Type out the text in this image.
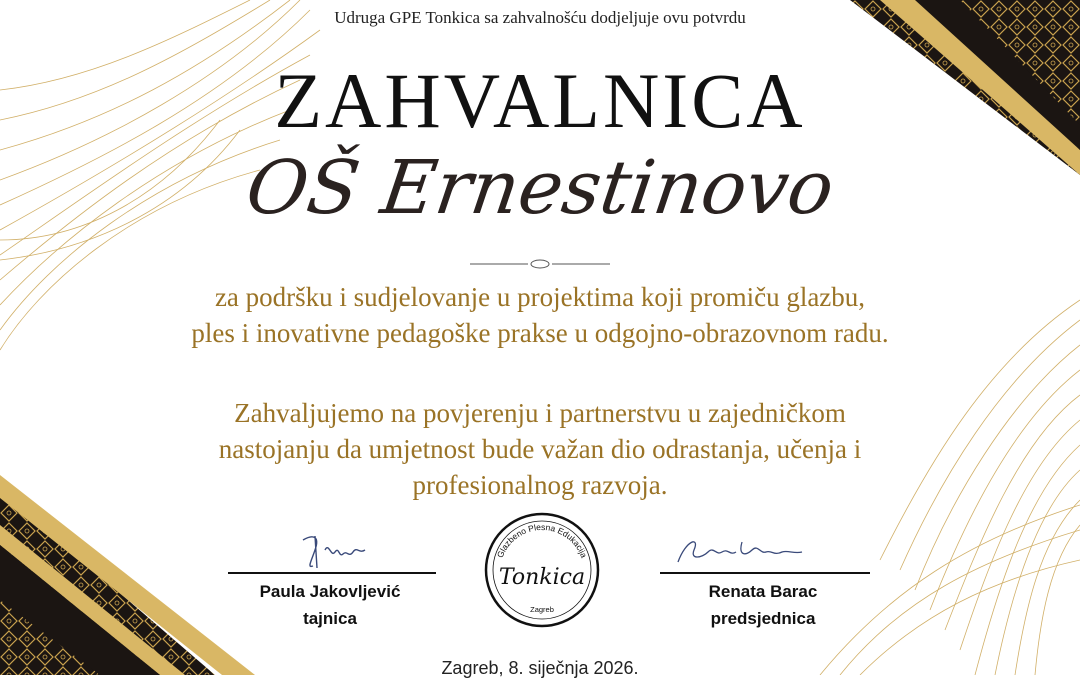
Udruga GPE Tonkica sa zahvalnošću dodjeljuje ovu potvrdu
ZAHVALNICA
OŠ Ernestinovo
za podršku i sudjelovanje u projektima koji promiču glazbu,
ples i inovativne pedagoške prakse u odgojno-obrazovnom radu.
Zahvaljujemo na povjerenju i partnerstvu u zajedničkom
nastojanju da umjetnost bude važan dio odrastanja, učenja i
profesionalnog razvoja.
Paula Jakovljević
tajnica
Glazbeno Plesna Edukacija
Tonkica
Zagreb
Renata Barac
predsjednica
Zagreb, 8. siječnja 2026.
